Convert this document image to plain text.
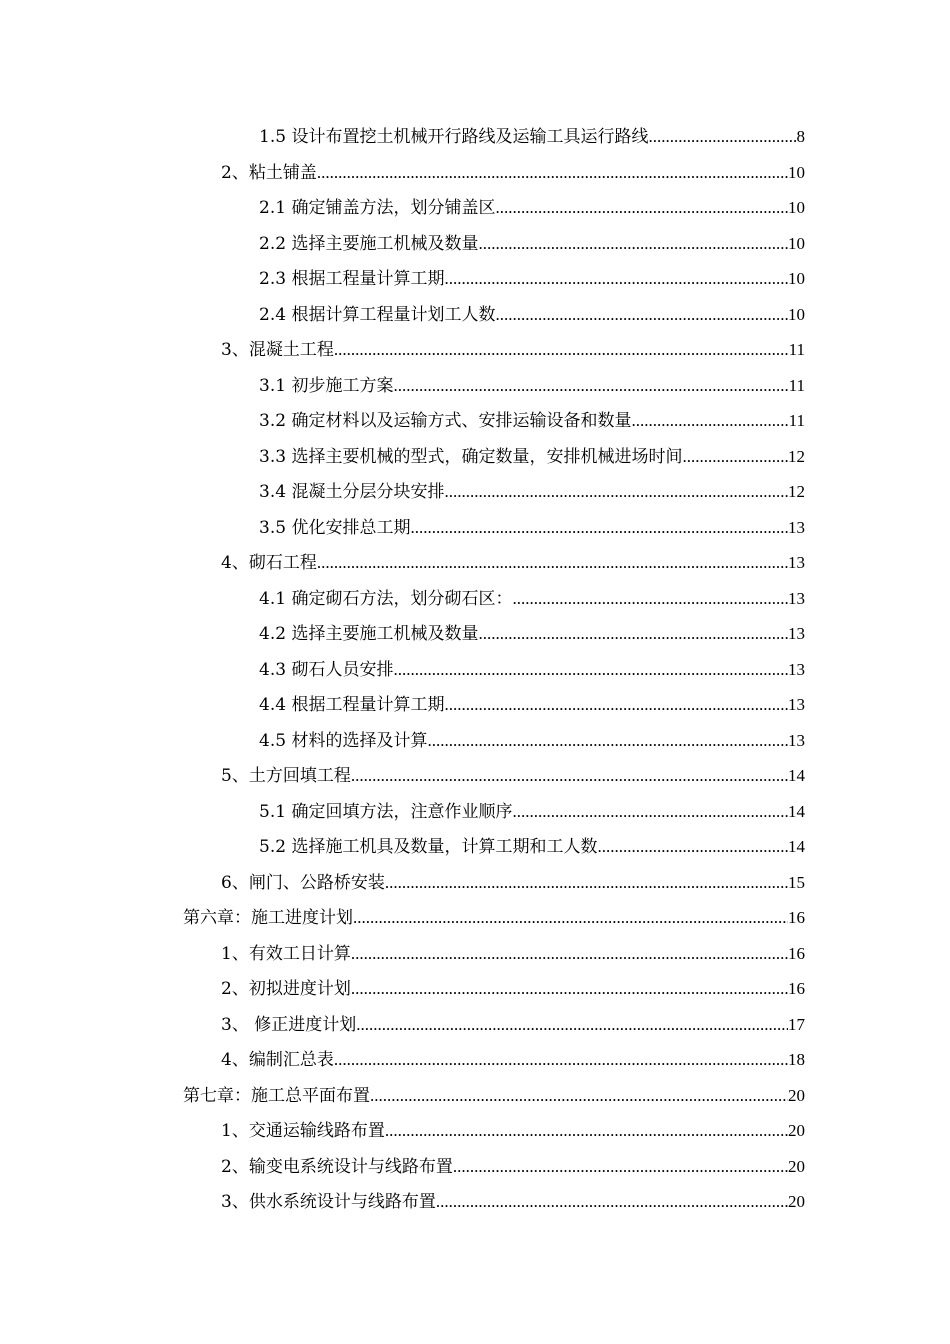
1.5 设计布置挖土机械开行路线及运输工具运行路线 .....	8
2、粘土铺盖 .....	10
2.1 确定铺盖方法，划分铺盖区 .....	10
2.2 选择主要施工机械及数量 .....	10
2.3 根据工程量计算工期 .....	10
2.4 根据计算工程量计划工人数 .....	10
3、混凝土工程 .....	11
3.1 初步施工方案 .....	11
3.2 确定材料以及运输方式、安排运输设备和数量 .....	11
3.3 选择主要机械的型式，确定数量，安排机械进场时间 .....	12
3.4 混凝土分层分块安排 .....	12
3.5 优化安排总工期 .....	13
4、砌石工程 .....	13
4.1 确定砌石方法，划分砌石区： .....	13
4.2 选择主要施工机械及数量 .....	13
4.3 砌石人员安排 .....	13
4.4 根据工程量计算工期 .....	13
4.5 材料的选择及计算 .....	13
5、土方回填工程 .....	14
5.1 确定回填方法，注意作业顺序 .....	14
5.2 选择施工机具及数量，计算工期和工人数 .....	14
6、闸门、公路桥安装 .....	15
第六章：施工进度计划 .....	16
1、有效工日计算 .....	16
2、初拟进度计划 .....	16
3、 修正进度计划 .....	17
4、编制汇总表 .....	18
第七章：施工总平面布置 .....	20
1、交通运输线路布置 .....	20
2、输变电系统设计与线路布置 .....	20
3、供水系统设计与线路布置 .....	20
